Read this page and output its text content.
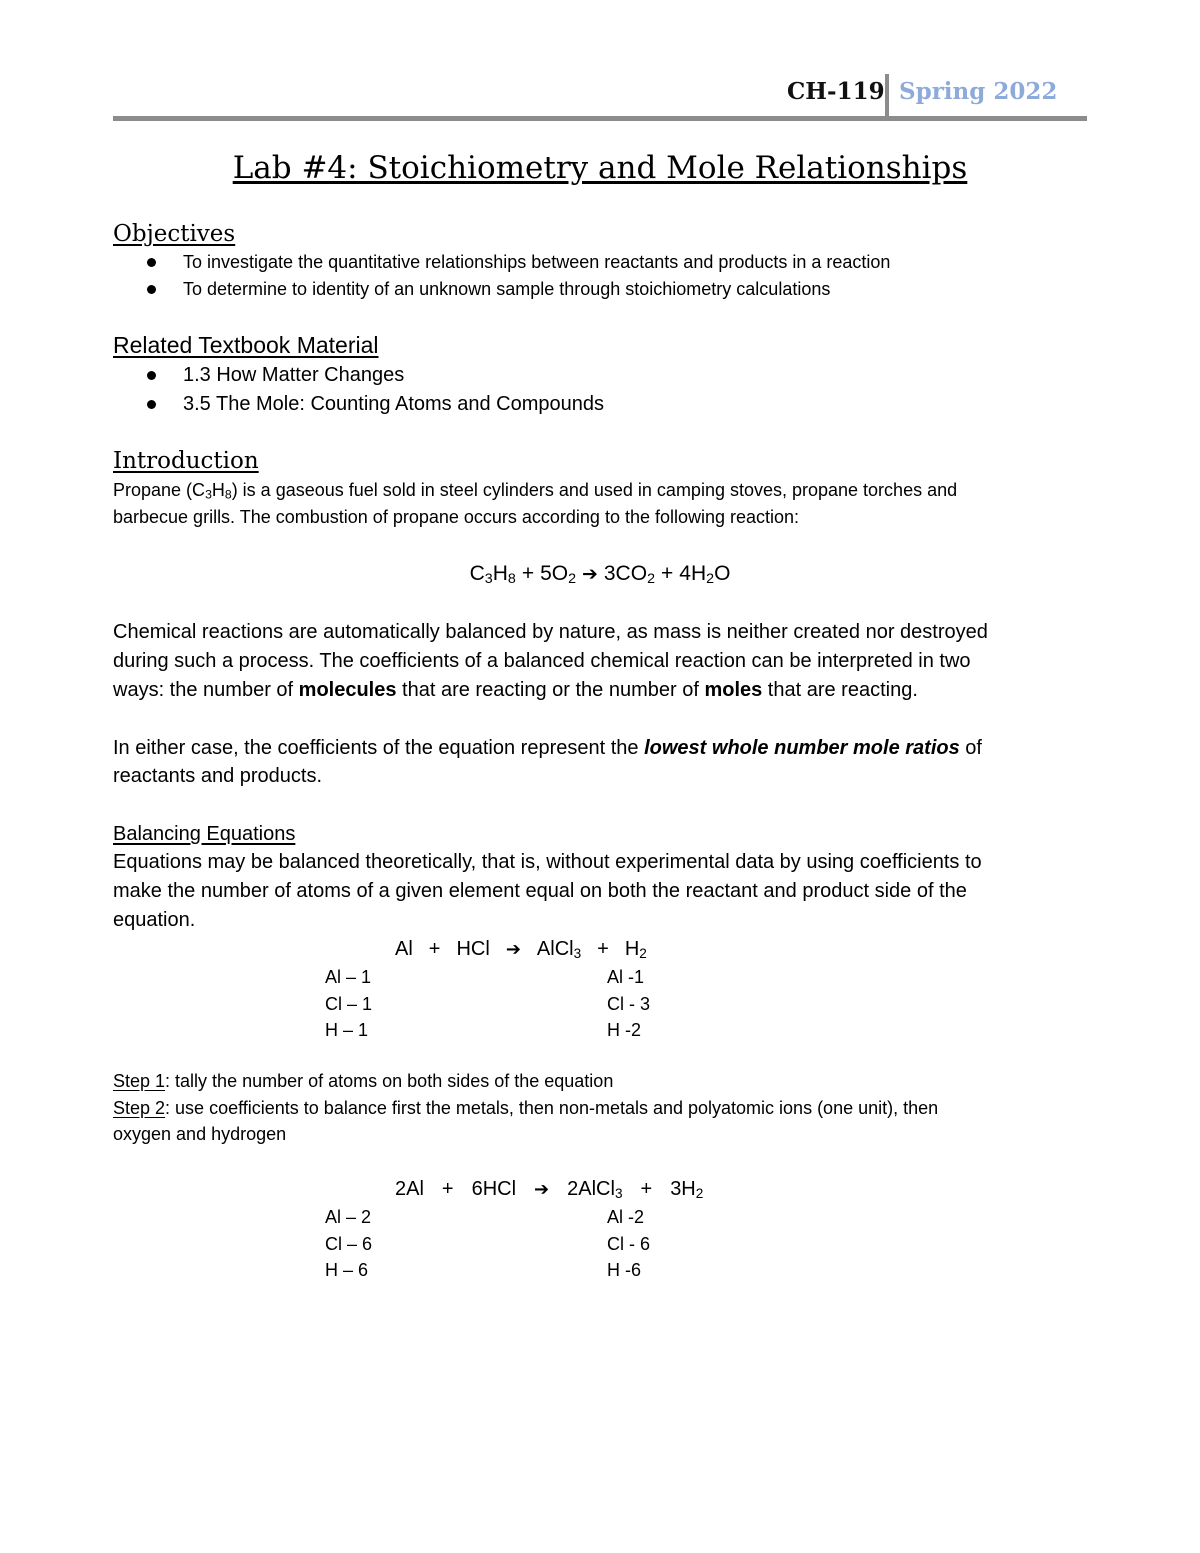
CH-119 Spring 2022
Lab #4: Stoichiometry and Mole Relationships
Objectives
To investigate the quantitative relationships between reactants and products in a reaction
To determine to identity of an unknown sample through stoichiometry calculations
Related Textbook Material
1.3 How Matter Changes
3.5 The Mole: Counting Atoms and Compounds
Introduction
Propane $(C_3H_8)$ is a gaseous fuel sold in steel cylinders and used in camping stoves, propane torches and
barbecue grills. The combustion of propane occurs according to the following reaction:
$C_3H_8 + 5O_2$ ➔ $3CO_2 + 4H_2O$
Chemical reactions are automatically balanced by nature, as mass is neither created nor destroyed
during such a process. The coefficients of a balanced chemical reaction can be interpreted in two
ways: the number of molecules that are reacting or the number of moles that are reacting.
In either case, the coefficients of the equation represent the lowest whole number mole ratios of
reactants and products.
Balancing Equations
Equations may be balanced theoretically, that is, without experimental data by using coefficients to
make the number of atoms of a given element equal on both the reactant and product side of the
equation.
Al + HCl ➔ AlCl$_3$ + $H_2$
Al – 1
Cl – 1
H – 1
Al -1
Cl - 3
H -2
Step 1: tally the number of atoms on both sides of the equation
Step 2: use coefficients to balance first the metals, then non-metals and polyatomic ions (one unit), then
oxygen and hydrogen
2Al + 6HCl ➔ 2AlCl$_3$ + $3H_2$
Al – 2
Cl – 6
H – 6
Al -2
Cl - 6
H -6
